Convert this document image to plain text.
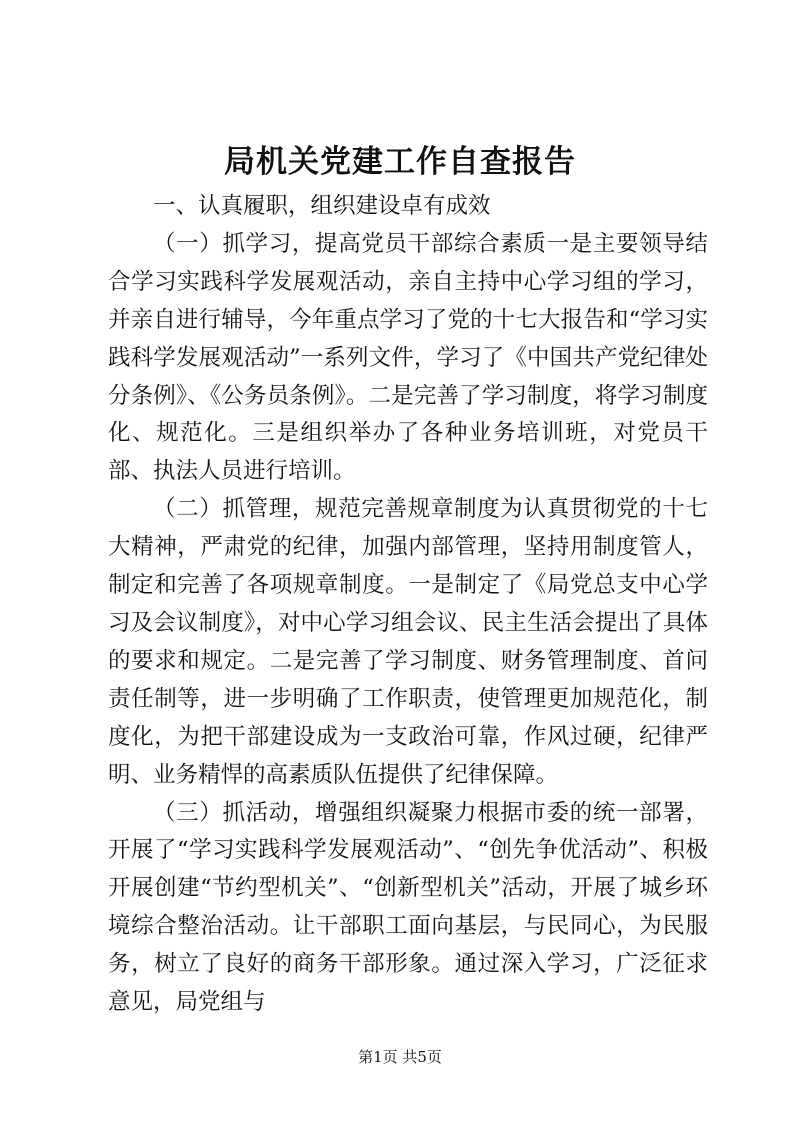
局机关党建工作自查报告

一、认真履职，组织建设卓有成效

（一）抓学习，提高党员干部综合素质一是主要领导结合学习实践科学发展观活动，亲自主持中心学习组的学习，并亲自进行辅导，今年重点学习了党的十七大报告和“学习实践科学发展观活动”一系列文件，学习了《中国共产党纪律处分条例》、《公务员条例》。二是完善了学习制度，将学习制度化、规范化。三是组织举办了各种业务培训班，对党员干部、执法人员进行培训。

（二）抓管理，规范完善规章制度为认真贯彻党的十七大精神，严肃党的纪律，加强内部管理，坚持用制度管人，制定和完善了各项规章制度。一是制定了《局党总支中心学习及会议制度》，对中心学习组会议、民主生活会提出了具体的要求和规定。二是完善了学习制度、财务管理制度、首问责任制等，进一步明确了工作职责，使管理更加规范化，制度化，为把干部建设成为一支政治可靠，作风过硬，纪律严明、业务精悍的高素质队伍提供了纪律保障。

（三）抓活动，增强组织凝聚力根据市委的统一部署，开展了“学习实践科学发展观活动”、“创先争优活动”、积极开展创建“节约型机关”、“创新型机关”活动，开展了城乡环境综合整治活动。让干部职工面向基层，与民同心，为民服务，树立了良好的商务干部形象。通过深入学习，广泛征求意见，局党组与

第1页 共5页
